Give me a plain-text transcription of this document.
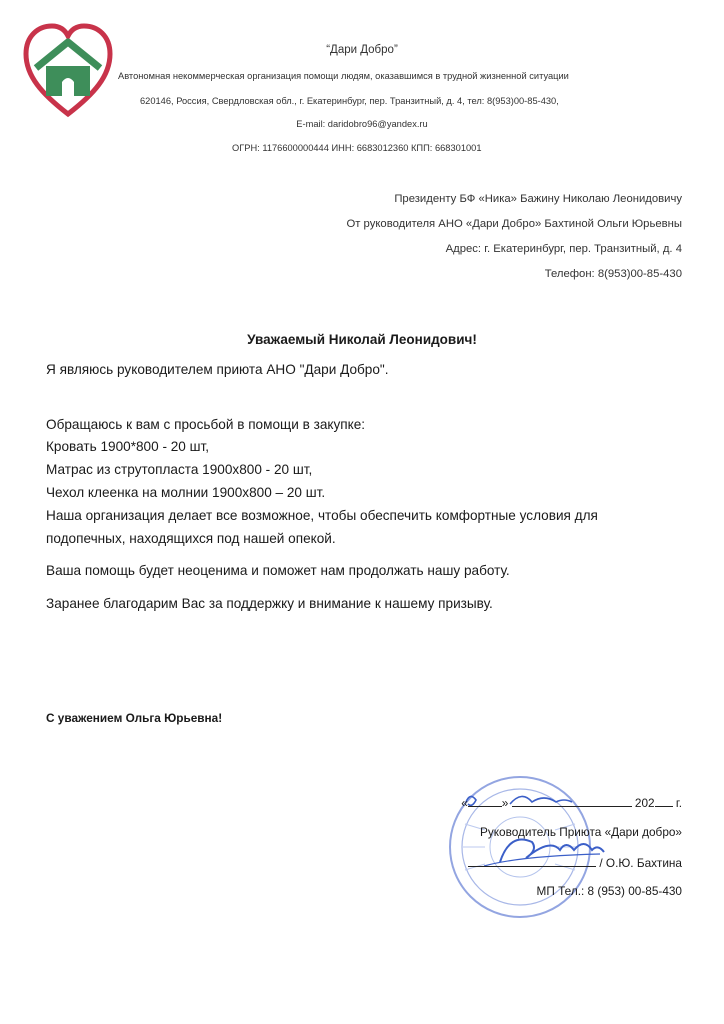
“Дари Добро”
Автономная некоммерческая организация помощи людям, оказавшимся в трудной жизненной ситуации
620146, Россия, Свердловская обл., г. Екатеринбург, пер. Транзитный, д. 4, тел: 8(953)00-85-430,
E-mail: daridobro96@yandex.ru
ОГРН: 1176600000444 ИНН: 6683012360 КПП: 668301001
Президенту БФ «Ника» Бажину Николаю Леонидовичу
От руководителя АНО «Дари Добро» Бахтиной Ольги Юрьевны
Адрес: г. Екатеринбург, пер. Транзитный, д. 4
Телефон: 8(953)00-85-430
Уважаемый Николай Леонидович!
Я являюсь руководителем приюта АНО "Дари Добро".
Обращаюсь к вам с просьбой в помощи в закупке:
Кровать 1900*800 - 20 шт,
Матрас из струтопласта 1900х800 - 20 шт,
Чехол клеенка на молнии 1900х800 – 20 шт.
Наша организация делает все возможное, чтобы обеспечить комфортные условия для
подопечных, находящихся под нашей опекой.
Ваша помощь будет неоценима и поможет нам продолжать нашу работу.
Заранее благодарим Вас за поддержку и внимание к нашему призыву.
С уважением Ольга Юрьевна!
«	»	202 г.
Руководитель Приюта «Дари добро»
/ О.Ю. Бахтина
МП Тел.: 8 (953) 00-85-430
